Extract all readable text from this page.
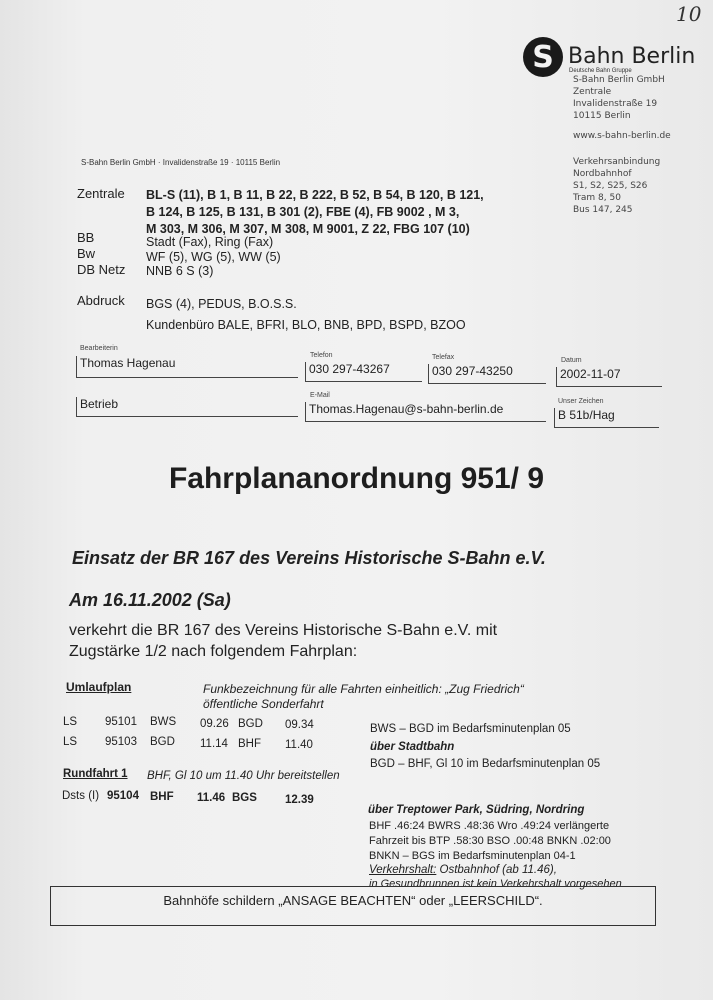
10
S Bahn Berlin
Deutsche Bahn Gruppe
S-Bahn Berlin GmbH
Zentrale
Invalidenstraße 19
10115 Berlin
www.s-bahn-berlin.de
Verkehrsanbindung
Nordbahnhof
S1, S2, S25, S26
Tram 8, 50
Bus 147, 245
S-Bahn Berlin GmbH · Invalidenstraße 19 · 10115 Berlin
Zentrale BL-S (11), B 1, B 11, B 22, B 222, B 52, B 54, B 120, B 121,
B 124, B 125, B 131, B 301 (2), FBE (4), FB 9002 , M 3,
M 303, M 306, M 307, M 308, M 9001, Z 22, FBG 107 (10)
BB	Stadt (Fax), Ring (Fax)
Bw	WF (5), WG (5), WW (5)
DB Netz NNB 6 S (3)
Abdruck BGS (4), PEDUS, B.O.S.S.
Kundenbüro BALE, BFRI, BLO, BNB, BPD, BSPD, BZOO
Bearbeiterin
Thomas Hagenau
Telefon
030 297-43267
Telefax
030 297-43250
Datum
2002-11-07
Betrieb
E-Mail
Thomas.Hagenau@s-bahn-berlin.de
Unser Zeichen
B 51b/Hag
Fahrplananordnung 951/ 9
Einsatz der BR 167 des Vereins Historische S-Bahn e.V.
Am 16.11.2002 (Sa)
verkehrt die BR 167 des Vereins Historische S-Bahn e.V. mit
Zugstärke 1/2 nach folgendem Fahrplan:
Umlaufplan	Funkbezeichnung für alle Fahrten einheitlich: „Zug Friedrich“
öffentliche Sonderfahrt
LS 95101 BWS 09.26 BGD 09.34	BWS – BGD im Bedarfsminutenplan 05
LS 95103 BGD 11.14 BHF 11.40	über Stadtbahn
BGD – BHF, Gl 10 im Bedarfsminutenplan 05
Rundfahrt 1 BHF, Gl 10 um 11.40 Uhr bereitstellen
Dsts (I) 95104 BHF 11.46 BGS 12.39
über Treptower Park, Südring, Nordring
BHF .46:24 BWRS .48:36 Wro .49:24 verlängerte
Fahrzeit bis BTP .58:30 BSO .00:48 BNKN .02:00
BNKN – BGS im Bedarfsminutenplan 04-1
Verkehrshalt: Ostbahnhof (ab 11.46),
in Gesundbrunnen ist kein Verkehrshalt vorgesehen
Bahnhöfe schildern „ANSAGE BEACHTEN“ oder „LEERSCHILD“.
